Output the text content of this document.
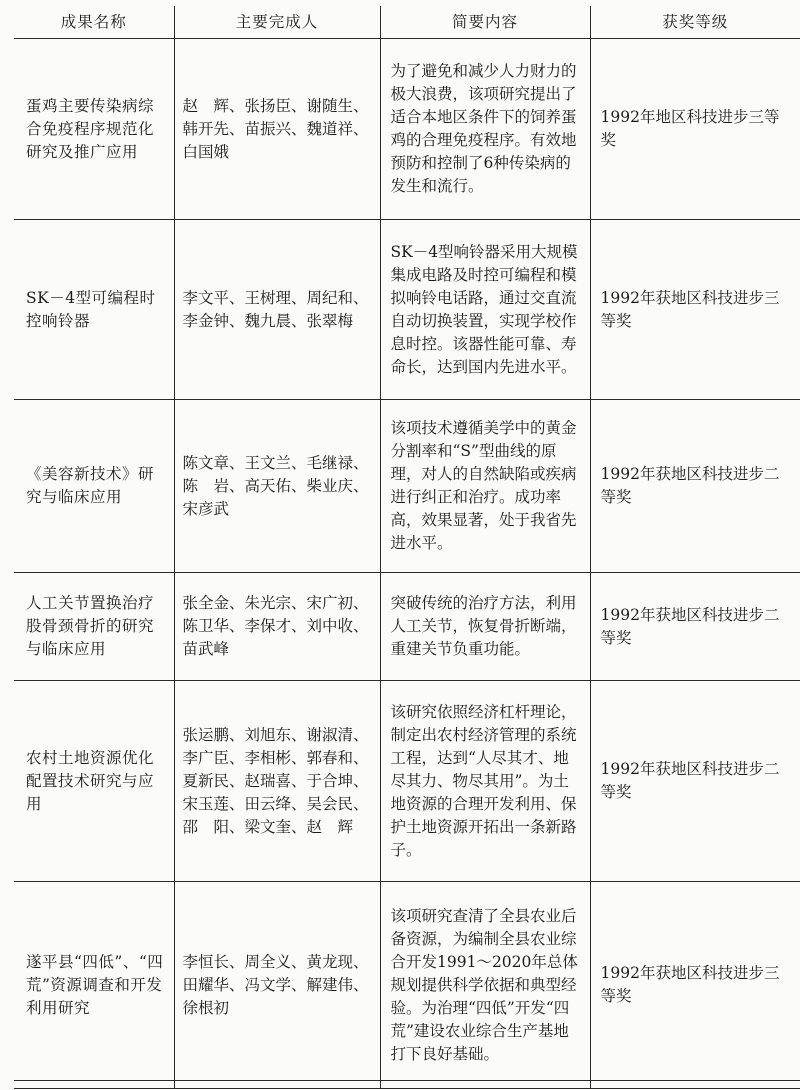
成果名称	主要完成人	简要内容	获奖等级
蛋鸡主要传染病综合免疫程序规范化研究及推广应用	赵　辉、张扬臣、谢随生、韩开先、苗振兴、魏道祥、白国娥	为了避免和减少人力财力的极大浪费，该项研究提出了适合本地区条件下的饲养蛋鸡的合理免疫程序。有效地预防和控制了6种传染病的发生和流行。	1992年地区科技进步三等奖
SK－4型可编程时控响铃器	李文平、王树理、周纪和、李金钟、魏九晨、张翠梅	SK－4型响铃器采用大规模集成电路及时控可编程和模拟响铃电话路，通过交直流自动切换装置，实现学校作息时控。该器性能可靠、寿命长，达到国内先进水平。	1992年获地区科技进步三等奖
《美容新技术》研究与临床应用	陈文章、王文兰、毛继禄、陈　岩、高天佑、柴业庆、宋彦武	该项技术遵循美学中的黄金分割率和“S”型曲线的原理，对人的自然缺陷或疾病进行纠正和治疗。成功率高，效果显著，处于我省先进水平。	1992年获地区科技进步二等奖
人工关节置换治疗股骨颈骨折的研究与临床应用	张全金、朱光宗、宋广初、陈卫华、李保才、刘中收、苗武峰	突破传统的治疗方法，利用人工关节，恢复骨折断端，重建关节负重功能。	1992年获地区科技进步二等奖
农村土地资源优化配置技术研究与应用	张运鹏、刘旭东、谢淑清、李广臣、李相彬、郭春和、夏新民、赵瑞喜、于合坤、宋玉莲、田云绛、吴会民、邵　阳、梁文奎、赵　辉	该研究依照经济杠杆理论，制定出农村经济管理的系统工程，达到“人尽其才、地尽其力、物尽其用”。为土地资源的合理开发利用、保护土地资源开拓出一条新路子。	1992年获地区科技进步二等奖
遂平县“四低”、“四荒”资源调查和开发利用研究	李恒长、周全义、黄龙现、田耀华、冯文学、解建伟、徐根初	该项研究查清了全县农业后备资源，为编制全县农业综合开发1991～2020年总体规划提供科学依据和典型经验。为治理“四低”开发“四荒”建设农业综合生产基地打下良好基础。	1992年获地区科技进步三等奖
